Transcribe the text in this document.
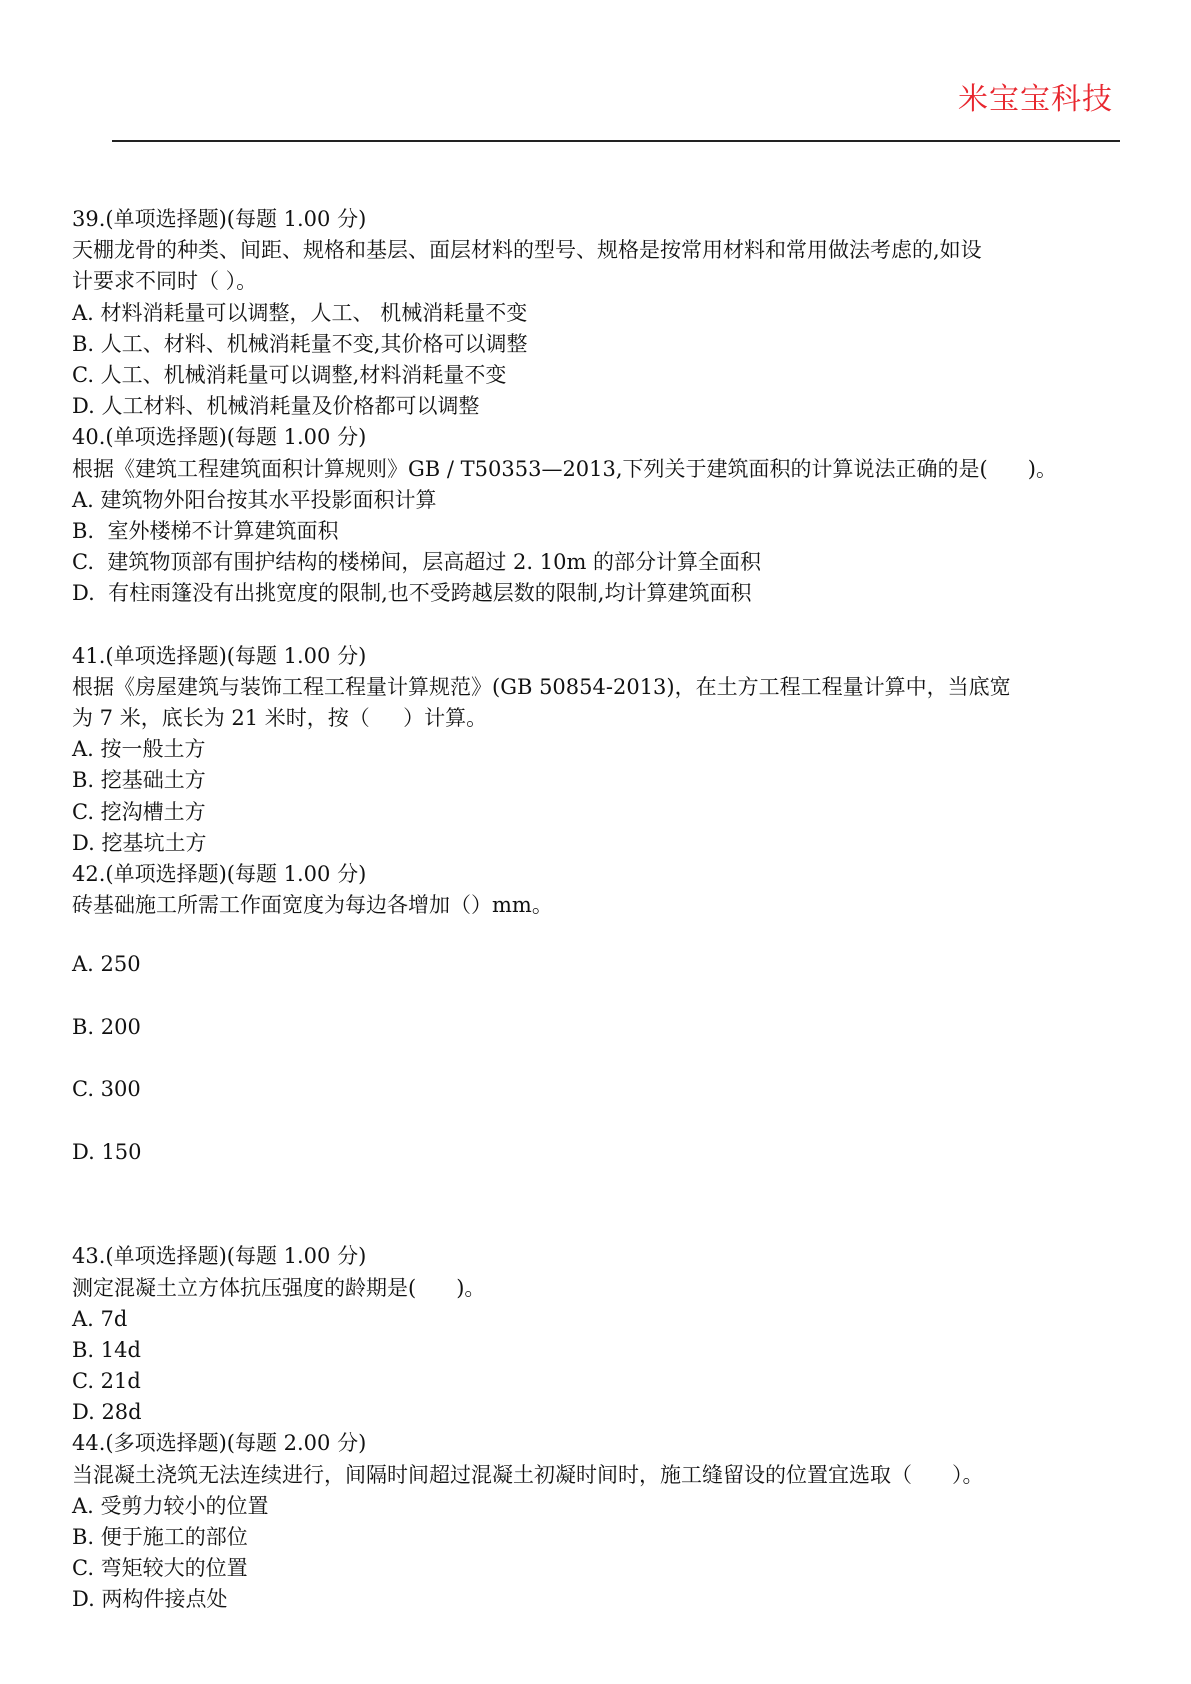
米宝宝科技
39.(单项选择题)(每题 1.00 分)
天棚龙骨的种类、间距、规格和基层、面层材料的型号、规格是按常用材料和常用做法考虑的,如设
计要求不同时（ ）。
A. 材料消耗量可以调整，人工、 机械消耗量不变
B. 人工、材料、机械消耗量不变,其价格可以调整
C. 人工、机械消耗量可以调整,材料消耗量不变
D. 人工材料、机械消耗量及价格都可以调整
40.(单项选择题)(每题 1.00 分)
根据《建筑工程建筑面积计算规则》GB / T50353—2013,下列关于建筑面积的计算说法正确的是(      )。
A. 建筑物外阳台按其水平投影面积计算
B.  室外楼梯不计算建筑面积
C.  建筑物顶部有围护结构的楼梯间，层高超过 2. 10m 的部分计算全面积
D.  有柱雨篷没有出挑宽度的限制,也不受跨越层数的限制,均计算建筑面积
41.(单项选择题)(每题 1.00 分)
根据《房屋建筑与装饰工程工程量计算规范》(GB 50854-2013)，在土方工程工程量计算中，当底宽
为 7 米，底长为 21 米时，按（     ）计算。
A. 按一般土方
B. 挖基础土方
C. 挖沟槽土方
D. 挖基坑土方
42.(单项选择题)(每题 1.00 分)
砖基础施工所需工作面宽度为每边各增加（）mm。
A. 250
B. 200
C. 300
D. 150
43.(单项选择题)(每题 1.00 分)
测定混凝土立方体抗压强度的龄期是(      )。
A. 7d
B. 14d
C. 21d
D. 28d
44.(多项选择题)(每题 2.00 分)
当混凝土浇筑无法连续进行，间隔时间超过混凝土初凝时间时，施工缝留设的位置宜选取（      ）。
A. 受剪力较小的位置
B. 便于施工的部位
C. 弯矩较大的位置
D. 两构件接点处
